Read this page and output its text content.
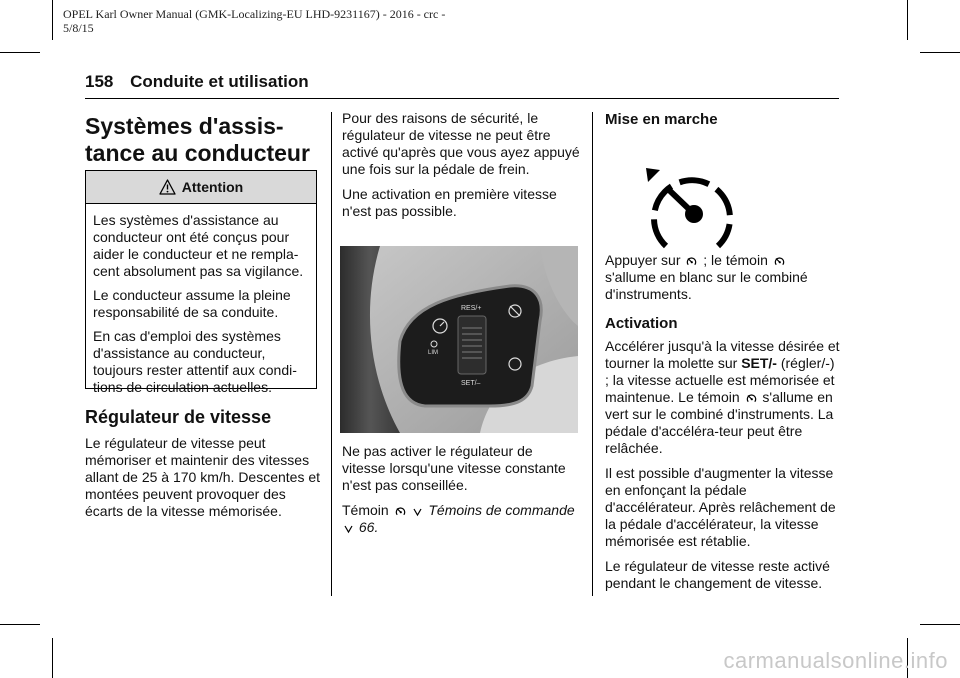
OPEL Karl Owner Manual (GMK-Localizing-EU LHD-9231167) - 2016 - crc -
5/8/15
158 Conduite et utilisation
Systèmes d'assis-
tance au conducteur
Attention

Les systèmes d'assistance au conducteur ont été conçus pour aider le conducteur et ne rempla-cent absolument pas sa vigilance.

Le conducteur assume la pleine responsabilité de sa conduite.

En cas d'emploi des systèmes d'assistance au conducteur, toujours rester attentif aux condi-tions de circulation actuelles.

Régulateur de vitesse

Le régulateur de vitesse peut mémoriser et maintenir des vitesses allant de 25 à 170 km/h. Descentes et montées peuvent provoquer des écarts de la vitesse mémorisée.

Pour des raisons de sécurité, le régulateur de vitesse ne peut être activé qu'après que vous ayez appuyé une fois sur la pédale de frein.

Une activation en première vitesse n'est pas possible.

RES/+
SET/–
LIM

Ne pas activer le régulateur de vitesse lorsqu'une vitesse constante n'est pas conseillée.

Témoin	Témoins de commande  66.

Mise en marche

Appuyer sur ; le témoin  s'allume en blanc sur le combiné d'instruments.

Activation

Accélérer jusqu'à la vitesse désirée et tourner la molette sur SET/- (régler/-) ; la vitesse actuelle est mémorisée et maintenue. Le témoin s'allume en vert sur le combiné d'instruments. La pédale d'accéléra-teur peut être relâchée.

Il est possible d'augmenter la vitesse en enfonçant la pédale d'accélérateur. Après relâchement de la pédale d'accélérateur, la vitesse mémorisée est rétablie.

Le régulateur de vitesse reste activé pendant le changement de vitesse.

carmanualsonline.info
